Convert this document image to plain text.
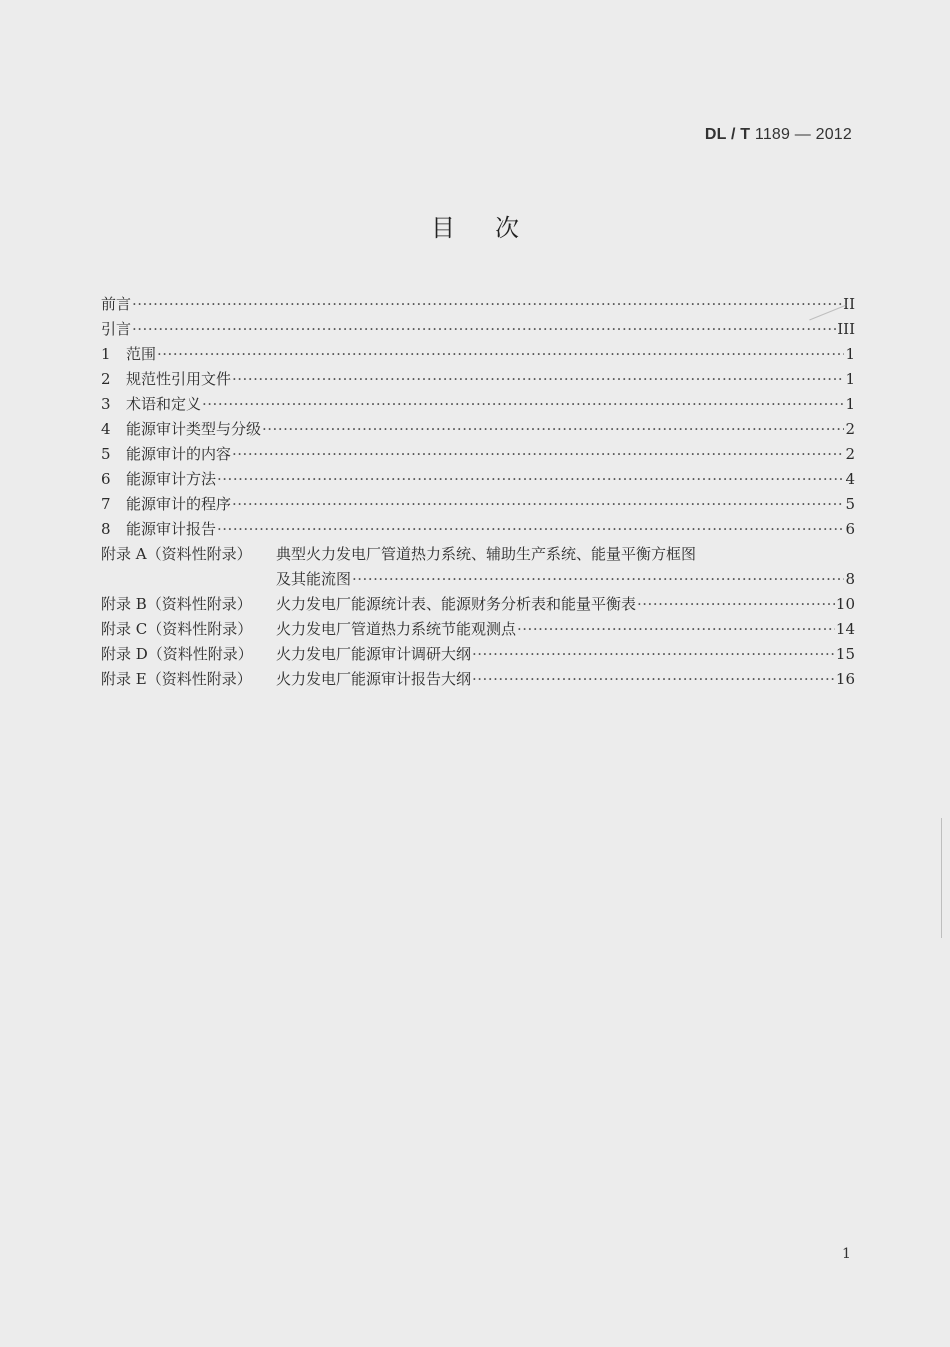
DL / T 1189 — 2012
目次
前言 ·····	II
引言 ·····	III
1	范围 ·····	1
2	规范性引用文件 ·····	1
3	术语和定义 ·····	1
4	能源审计类型与分级 ·····	2
5	能源审计的内容 ·····	2
6	能源审计方法 ·····	4
7	能源审计的程序 ·····	5
8	能源审计报告 ·····	6
附录 A（资料性附录）	典型火力发电厂管道热力系统、辅助生产系统、能量平衡方框图
及其能流图 ·····	8
附录 B（资料性附录）	火力发电厂能源统计表、能源财务分析表和能量平衡表 ·····	10
附录 C（资料性附录）	火力发电厂管道热力系统节能观测点 ·····	14
附录 D（资料性附录）	火力发电厂能源审计调研大纲 ·····	15
附录 E（资料性附录）	火力发电厂能源审计报告大纲 ·····	16
1
